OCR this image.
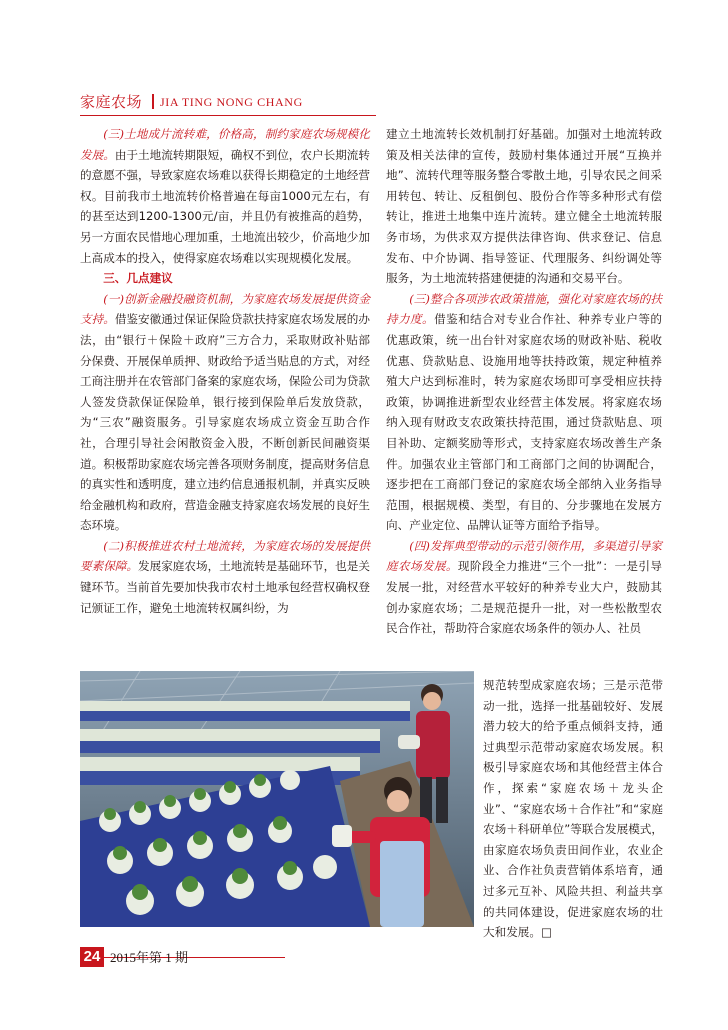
家庭农场 JIA TING NONG CHANG

(三)土地成片流转难，价格高，制约家庭农场规模化发展。由于土地流转期限短，确权不到位，农户长期流转的意愿不强，导致家庭农场难以获得长期稳定的土地经营权。目前我市土地流转价格普遍在每亩1000元左右，有的甚至达到1200-1300元/亩，并且仍有被推高的趋势，另一方面农民惜地心理加重，土地流出较少，价高地少加上高成本的投入，使得家庭农场难以实现规模化发展。

三、几点建议

(一)创新金融投融资机制，为家庭农场发展提供资金支持。借鉴安徽通过保证保险贷款扶持家庭农场发展的办法，由“银行＋保险＋政府”三方合力，采取财政补贴部分保费、开展保单质押、财政给予适当贴息的方式，对经工商注册并在农管部门备案的家庭农场，保险公司为贷款人签发贷款保证保险单，银行接到保险单后发放贷款，为“三农”融资服务。引导家庭农场成立资金互助合作社，合理引导社会闲散资金入股，不断创新民间融资渠道。积极帮助家庭农场完善各项财务制度，提高财务信息的真实性和透明度，建立违约信息通报机制，并真实反映给金融机构和政府，营造金融支持家庭农场发展的良好生态环境。

(二)积极推进农村土地流转，为家庭农场的发展提供要素保障。发展家庭农场，土地流转是基础环节，也是关键环节。当前首先要加快我市农村土地承包经营权确权登记颁证工作，避免土地流转权属纠纷，为

建立土地流转长效机制打好基础。加强对土地流转政策及相关法律的宣传，鼓励村集体通过开展“互换并地”、流转代理等服务整合零散土地，引导农民之间采用转包、转让、反租倒包、股份合作等多种形式有偿转让，推进土地集中连片流转。建立健全土地流转服务市场，为供求双方提供法律咨询、供求登记、信息发布、中介协调、指导签证、代理服务、纠纷调处等服务，为土地流转搭建便捷的沟通和交易平台。

(三)整合各项涉农政策措施，强化对家庭农场的扶持力度。借鉴和结合对专业合作社、种养专业户等的优惠政策，统一出台针对家庭农场的财政补贴、税收优惠、贷款贴息、设施用地等扶持政策，规定种植养殖大户达到标准时，转为家庭农场即可享受相应扶持政策，协调推进新型农业经营主体发展。将家庭农场纳入现有财政支农政策扶持范围，通过贷款贴息、项目补助、定额奖励等形式，支持家庭农场改善生产条件。加强农业主管部门和工商部门之间的协调配合，逐步把在工商部门登记的家庭农场全部纳入业务指导范围，根据规模、类型，有目的、分步骤地在发展方向、产业定位、品牌认证等方面给予指导。

(四)发挥典型带动的示范引领作用，多渠道引导家庭农场发展。现阶段全力推进“三个一批”：一是引导发展一批，对经营水平较好的种养专业大户，鼓励其创办家庭农场；二是规范提升一批，对一些松散型农民合作社，帮助符合家庭农场条件的领办人、社员

规范转型成家庭农场；三是示范带动一批，选择一批基础较好、发展潜力较大的给予重点倾斜支持，通过典型示范带动家庭农场发展。积极引导家庭农场和其他经营主体合作，探索“家庭农场＋龙头企业”、“家庭农场＋合作社”和“家庭农场＋科研单位”等联合发展模式，由家庭农场负责田间作业，农业企业、合作社负责营销体系培育，通过多元互补、风险共担、利益共享的共同体建设，促进家庭农场的壮大和发展。□

24 2015年第 1 期
